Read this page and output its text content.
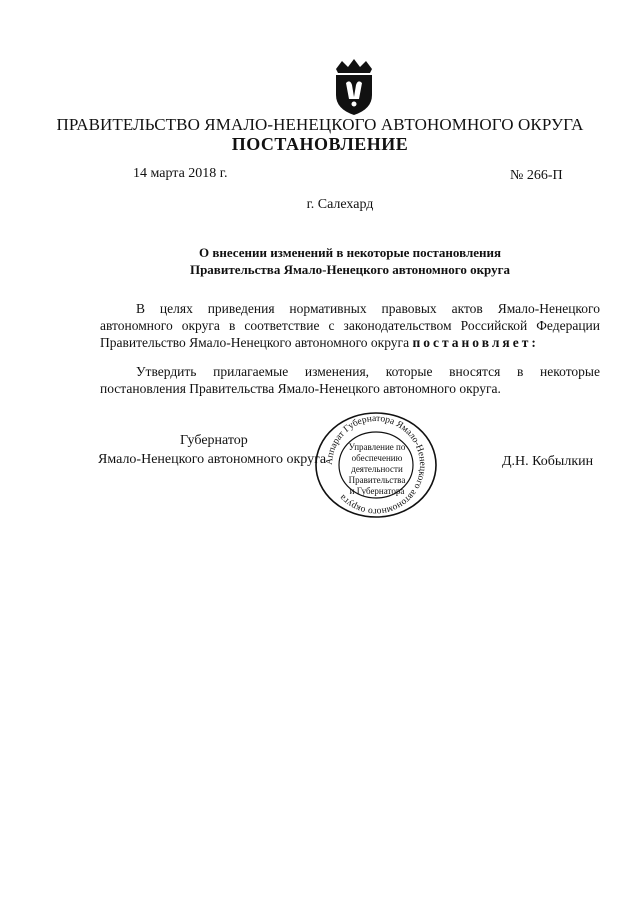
ПРАВИТЕЛЬСТВО ЯМАЛО-НЕНЕЦКОГО АВТОНОМНОГО ОКРУГА
ПОСТАНОВЛЕНИЕ
14 марта 2018 г.	№ 266-П
г. Салехард
О внесении изменений в некоторые постановления
Правительства Ямало-Ненецкого автономного округа
В целях приведения нормативных правовых актов Ямало-Ненецкого автономного округа в соответствие с законодательством Российской Федерации Правительство Ямало-Ненецкого автономного округа постановляет:
Утвердить прилагаемые изменения, которые вносятся в некоторые постановления Правительства Ямало-Ненецкого автономного округа.
Губернатор
Ямало-Ненецкого автономного округа	Д.Н. Кобылкин
Аппарат Губернатора Ямало-Ненецкого автономного округа
Управление по
обеспечению
деятельности
Правительства
и Губернатора
